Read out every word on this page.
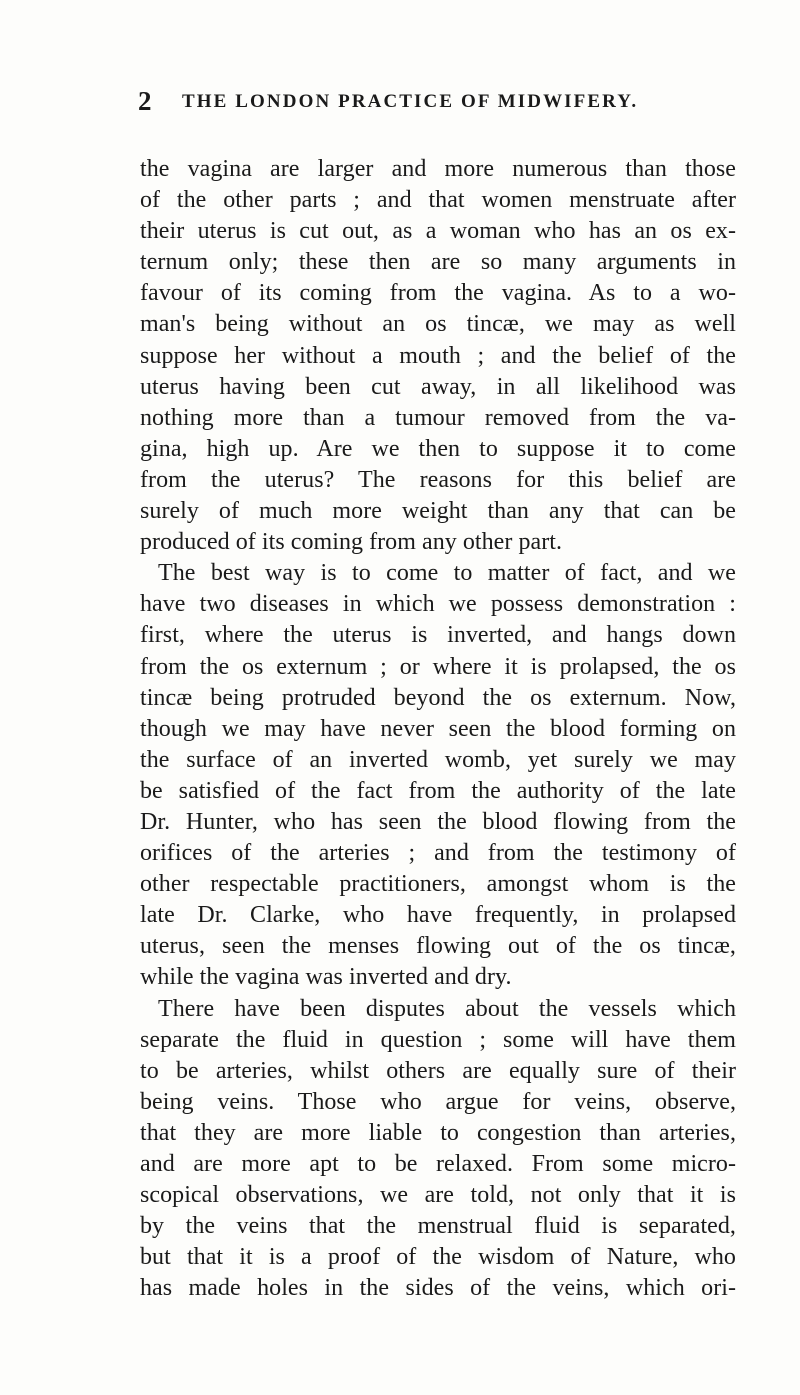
2 THE LONDON PRACTICE OF MIDWIFERY.
the vagina are larger and more numerous than those
of the other parts ; and that women menstruate after
their uterus is cut out, as a woman who has an os ex-
ternum only; these then are so many arguments in
favour of its coming from the vagina. As to a wo-
man's being without an os tincæ, we may as well
suppose her without a mouth ; and the belief of the
uterus having been cut away, in all likelihood was
nothing more than a tumour removed from the va-
gina, high up. Are we then to suppose it to come
from the uterus? The reasons for this belief are
surely of much more weight than any that can be
produced of its coming from any other part.
The best way is to come to matter of fact, and we
have two diseases in which we possess demonstration :
first, where the uterus is inverted, and hangs down
from the os externum ; or where it is prolapsed, the os
tincæ being protruded beyond the os externum. Now,
though we may have never seen the blood forming on
the surface of an inverted womb, yet surely we may
be satisfied of the fact from the authority of the late
Dr. Hunter, who has seen the blood flowing from the
orifices of the arteries ; and from the testimony of
other respectable practitioners, amongst whom is the
late Dr. Clarke, who have frequently, in prolapsed
uterus, seen the menses flowing out of the os tincæ,
while the vagina was inverted and dry.
There have been disputes about the vessels which
separate the fluid in question ; some will have them
to be arteries, whilst others are equally sure of their
being veins. Those who argue for veins, observe,
that they are more liable to congestion than arteries,
and are more apt to be relaxed. From some micro-
scopical observations, we are told, not only that it is
by the veins that the menstrual fluid is separated,
but that it is a proof of the wisdom of Nature, who
has made holes in the sides of the veins, which ori-
